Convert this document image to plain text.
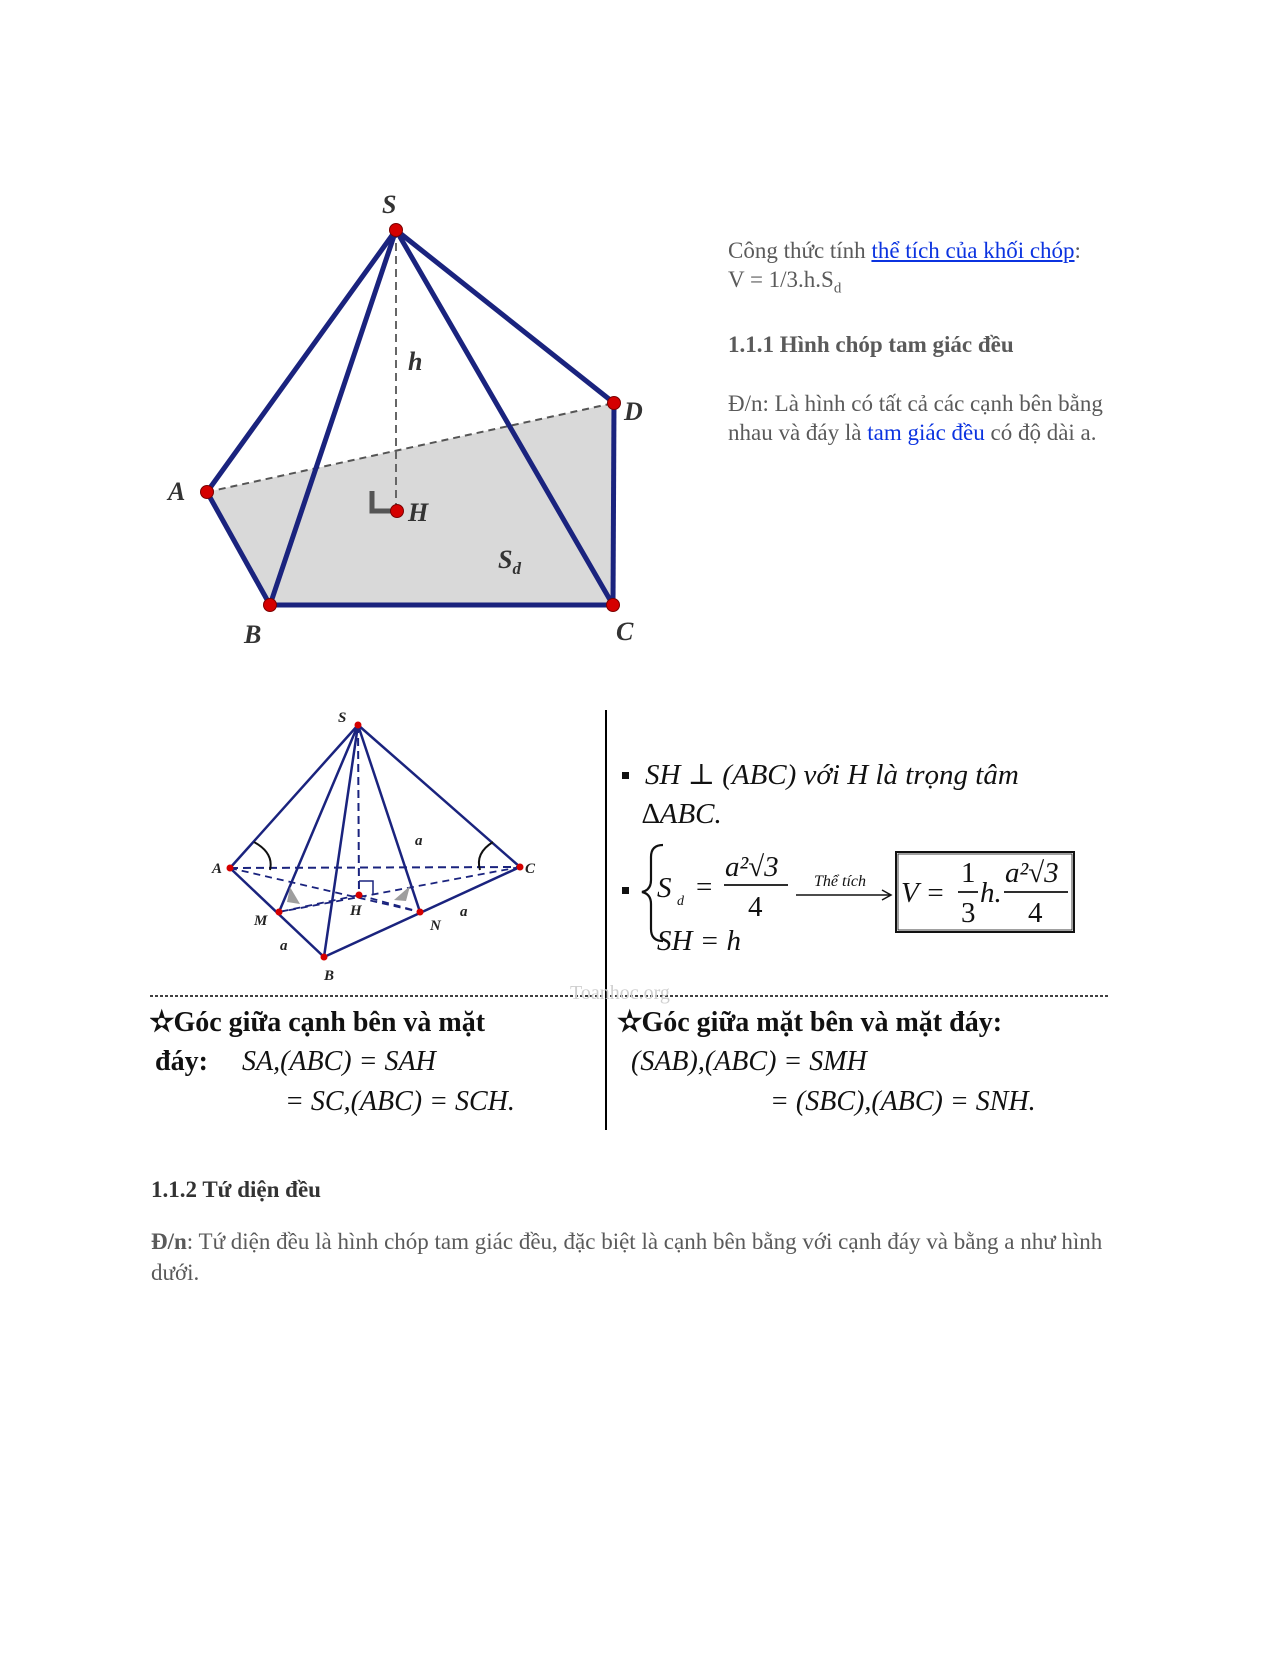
S
A
B	C
D
H
h
$S_d$

Công thức tính thể tích của khối chóp:

$V = 1/3.h.S_d$

1.1.1 Hình chóp tam giác đều

Đ/n: Là hình có tất cả các cạnh bên bằng nhau và đáy là tam giác đều có độ dài a.

Toanhoc.org
S
A
B
C
M	N
H
a
a
a
SH ⊥ (ABC) với H là trọng tâm
∆ABC.
S d =
a²√3
4
SH = h
Thể tích V =
1
3
h.
a²√3
4
✫Góc giữa cạnh bên và mặt
đáy: SA,(ABC) = SAH
= SC,(ABC) = SCH.
✫Góc giữa mặt bên và mặt đáy:
(SAB),(ABC) = SMH
= (SBC),(ABC) = SNH.
1.1.2 Tứ diện đều
Đ/n: Tứ diện đều là hình chóp tam giác đều, đặc biệt là cạnh bên bằng với cạnh đáy và bằng a như hình dưới.
